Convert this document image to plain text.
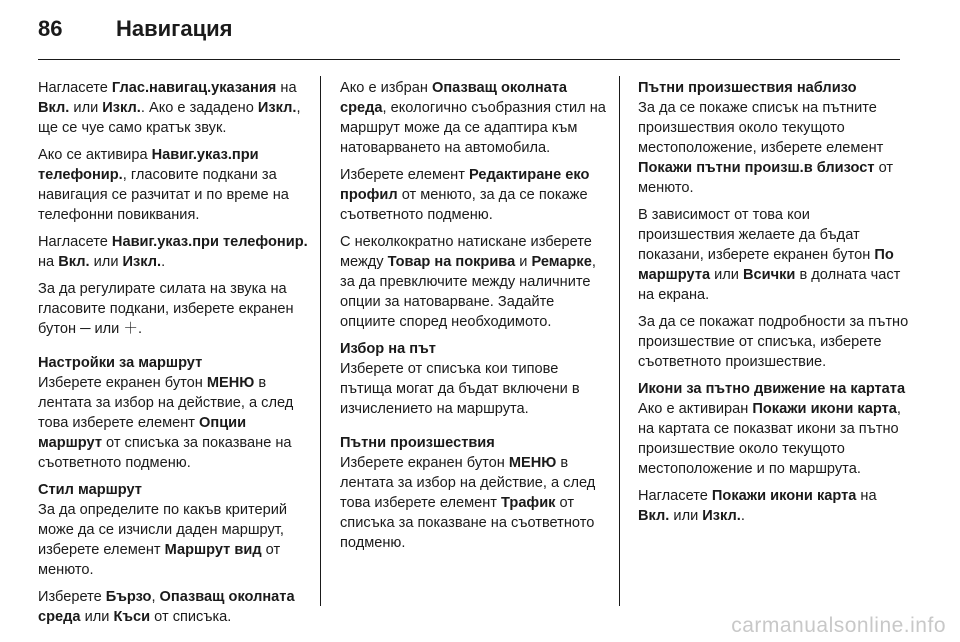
86 Навигация

Нагласете Глас.навигац.указания на Вкл. или Изкл.. Ако е зададено Изкл., ще се чуе само кратък звук.

Ако се активира Навиг.указ.при телефонир., гласовите подкани за навигация се разчитат и по време на телефонни повиквания.

Нагласете Навиг.указ.при телефонир. на Вкл. или Изкл..

За да регулирате силата на звука на гласовите подкани, изберете екранен бутон ─ или ＋.

Настройки за маршрут

Изберете екранен бутон МЕНЮ в лентата за избор на действие, а след това изберете елемент Опции маршрут от списъка за показване на съответното подменю.

Стил маршрут

За да определите по какъв критерий може да се изчисли даден маршрут, изберете елемент Маршрут вид от менюто.

Изберете Бързо, Опазващ околната среда или Къси от списъка.

Ако е избран Опазващ околната среда, екологично съобразния стил на маршрут може да се адаптира към натоварването на автомобила.

Изберете елемент Редактиране еко профил от менюто, за да се покаже съответното подменю.

С неколкократно натискане изберете между Товар на покрива и Ремарке, за да превключите между наличните опции за натоварване. Задайте опциите според необходимото.

Избор на път

Изберете от списъка кои типове пътища могат да бъдат включени в изчислението на маршрута.

Пътни произшествия

Изберете екранен бутон МЕНЮ в лентата за избор на действие, а след това изберете елемент Трафик от списъка за показване на съответното подменю.

Пътни произшествия наблизо

За да се покаже списък на пътните произшествия около текущото местоположение, изберете елемент Покажи пътни произш.в близост от менюто.

В зависимост от това кои произшествия желаете да бъдат показани, изберете екранен бутон По маршрута или Всички в долната част на екрана.

За да се покажат подробности за пътно произшествие от списъка, изберете съответното произшествие.

Икони за пътно движение на картата

Ако е активиран Покажи икони карта, на картата се показват икони за пътно произшествие около текущото местоположение и по маршрута.

Нагласете Покажи икони карта на Вкл. или Изкл..

carmanualsonline.info
